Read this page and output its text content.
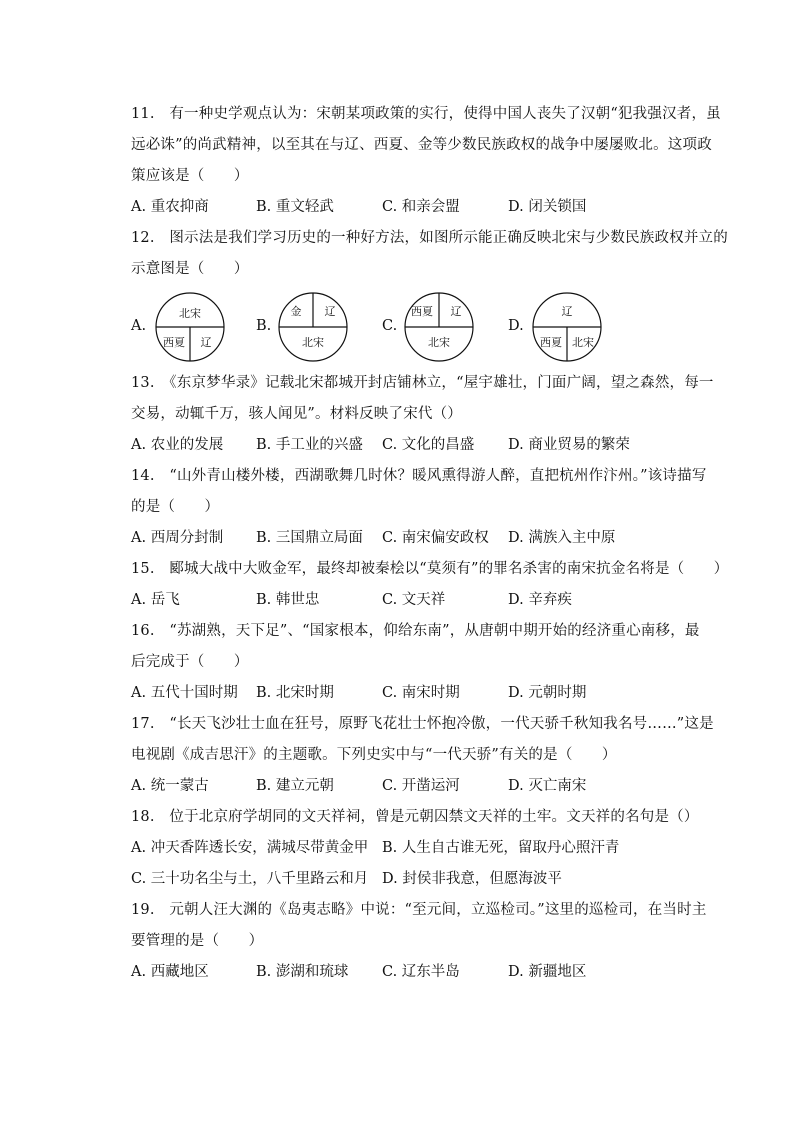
11.　有一种史学观点认为：宋朝某项政策的实行，使得中国人丧失了汉朝“犯我强汉者，虽
远必诛”的尚武精神，以至其在与辽、西夏、金等少数民族政权的战争中屡屡败北。这项政
策应该是（　　）
A. 重农抑商	B. 重文轻武	C. 和亲会盟	D. 闭关锁国
12.　图示法是我们学习历史的一种好方法，如图所示能正确反映北宋与少数民族政权并立的
示意图是（　　）
A.
北宋
西夏 辽
B.
金 辽
北宋
C.
西夏 辽
北宋
D.
辽
西夏 北宋
13.　《东京梦华录》记载北宋都城开封店铺林立，“屋宇雄壮，门面广阔，望之森然，每一
交易，动辄千万，骇人闻见”。材料反映了宋代（）
A. 农业的发展 B. 手工业的兴盛 C. 文化的昌盛 D. 商业贸易的繁荣
14.　“山外青山楼外楼，西湖歌舞几时休？暖风熏得游人醉，直把杭州作汴州。”该诗描写
的是（　　）
A. 西周分封制 B. 三国鼎立局面 C. 南宋偏安政权 D. 满族入主中原
15.　郾城大战中大败金军，最终却被秦桧以“莫须有”的罪名杀害的南宋抗金名将是（　　）
A. 岳飞	B. 韩世忠	C. 文天祥	D. 辛弃疾
16.　“苏湖熟，天下足”、“国家根本，仰给东南”，从唐朝中期开始的经济重心南移，最
后完成于（　　）
A. 五代十国时期 B. 北宋时期	C. 南宋时期	D. 元朝时期
17.　“长天飞沙壮士血在狂号，原野飞花壮士怀抱冷傲，一代天骄千秋知我名号……”这是
电视剧《成吉思汗》的主题歌。下列史实中与“一代天骄”有关的是（　　）
A. 统一蒙古	B. 建立元朝	C. 开凿运河	D. 灭亡南宋
18.　位于北京府学胡同的文天祥祠，曾是元朝囚禁文天祥的土牢。文天祥的名句是（）
A. 冲天香阵透长安，满城尽带黄金甲 B. 人生自古谁无死，留取丹心照汗青
C. 三十功名尘与土，八千里路云和月 D. 封侯非我意，但愿海波平
19.　元朝人汪大渊的《岛夷志略》中说：“至元间，立巡检司。”这里的巡检司，在当时主
要管理的是（　　）
A. 西藏地区	B. 澎湖和琉球 C. 辽东半岛	D. 新疆地区
